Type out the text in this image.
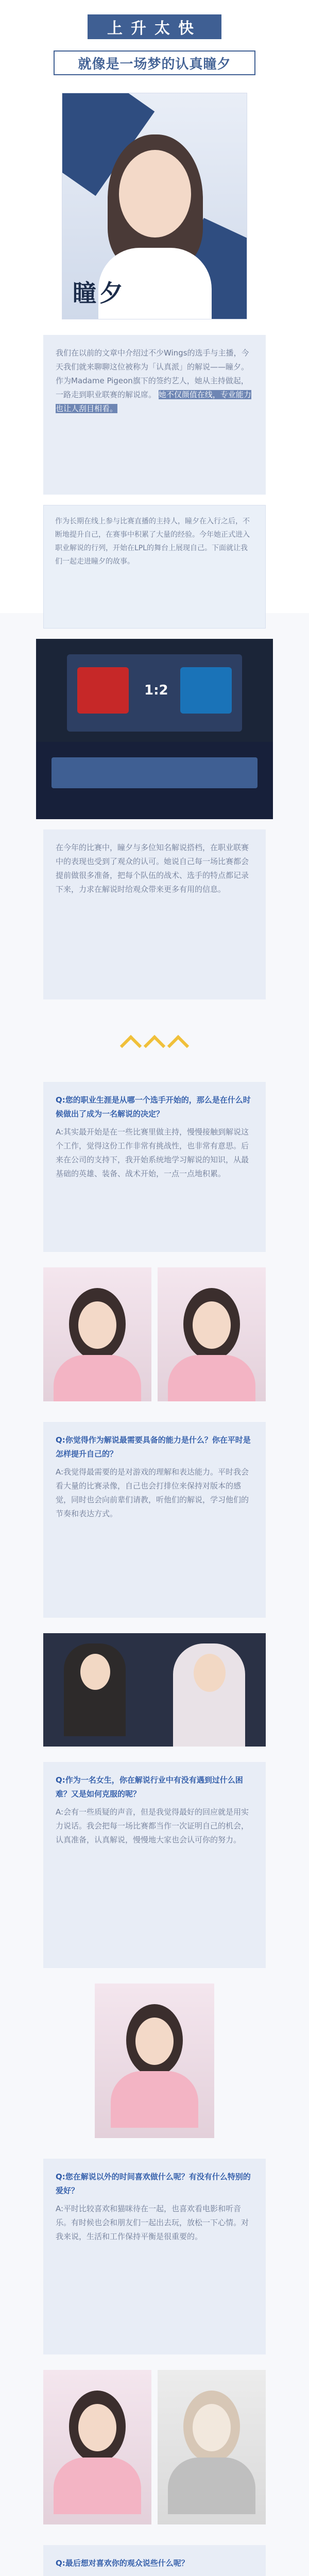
上升太快
就像是一场梦的认真瞳夕
瞳夕
我们在以前的文章中介绍过不少Wings的选手与主播，今天我们就来聊聊这位被称为「认真派」的解说——瞳夕。作为Madame Pigeon旗下的签约艺人，她从主持做起，一路走到职业联赛的解说席。 她不仅颜值在线，专业能力也让人刮目相看。
作为长期在线上参与比赛直播的主持人，瞳夕在入行之后，不断地提升自己，在赛事中积累了大量的经验。今年她正式进入职业解说的行列，开始在LPL的舞台上展现自己。下面就让我们一起走进瞳夕的故事。
1:2
在今年的比赛中，瞳夕与多位知名解说搭档，在职业联赛中的表现也受到了观众的认可。她说自己每一场比赛都会提前做很多准备，把每个队伍的战术、选手的特点都记录下来，力求在解说时给观众带来更多有用的信息。
Q:您的职业生涯是从哪一个选手开始的，那么是在什么时候做出了成为一名解说的决定？
A:其实最开始是在一些比赛里做主持，慢慢接触到解说这个工作，觉得这份工作非常有挑战性，也非常有意思。后来在公司的支持下，我开始系统地学习解说的知识，从最基础的英雄、装备、战术开始，一点一点地积累。
Q:你觉得作为解说最需要具备的能力是什么？你在平时是怎样提升自己的？
A:我觉得最需要的是对游戏的理解和表达能力。平时我会看大量的比赛录像，自己也会打排位来保持对版本的感觉，同时也会向前辈们请教，听他们的解说，学习他们的节奏和表达方式。
Q:作为一名女生，你在解说行业中有没有遇到过什么困难？又是如何克服的呢？
A:会有一些质疑的声音，但是我觉得最好的回应就是用实力说话。我会把每一场比赛都当作一次证明自己的机会，认真准备，认真解说，慢慢地大家也会认可你的努力。
Q:您在解说以外的时间喜欢做什么呢？有没有什么特别的爱好？
A:平时比较喜欢和猫咪待在一起，也喜欢看电影和听音乐。有时候也会和朋友们一起出去玩，放松一下心情。对我来说，生活和工作保持平衡是很重要的。
Q:最后想对喜欢你的观众说些什么呢？
